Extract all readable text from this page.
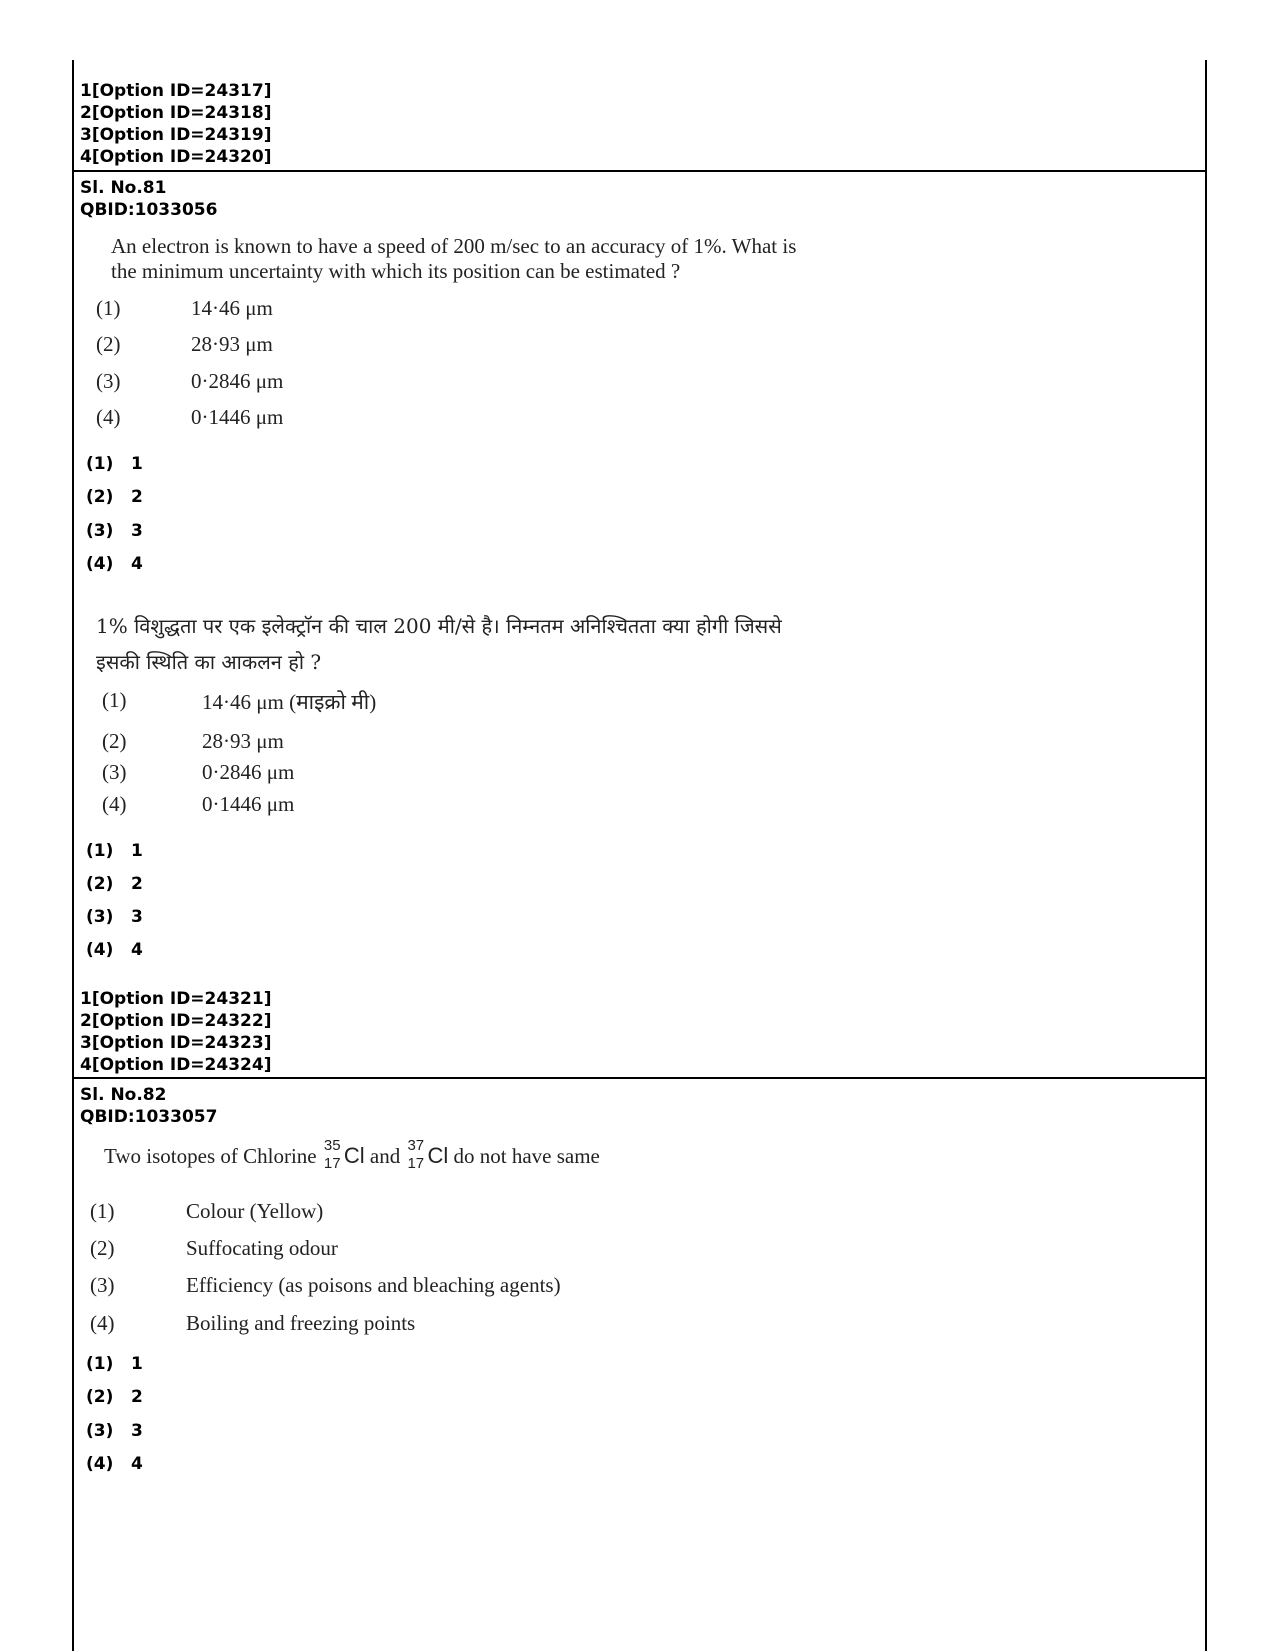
1[Option ID=24317]
2[Option ID=24318]
3[Option ID=24319]
4[Option ID=24320]
Sl. No.81
QBID:1033056
An electron is known to have a speed of 200 m/sec to an accuracy of 1%. What is
the minimum uncertainty with which its position can be estimated ?
(1)	14·46 μm
(2)	28·93 μm
(3)	0·2846 μm
(4)	0·1446 μm
(1) 1
(2) 2
(3) 3
(4) 4
1% विशुद्धता पर एक इलेक्ट्राॅन की चाल 200 मी/से है। निम्नतम अनिश्चितता क्या होगी जिससे
इसकी स्थिति का आकलन हो ?
(1)	14·46 μm (माइक्रो मी)
(2)	28·93 μm
(3)	0·2846 μm
(4)	0·1446 μm
(1) 1
(2) 2
(3) 3
(4) 4
1[Option ID=24321]
2[Option ID=24322]
3[Option ID=24323]
4[Option ID=24324]
Sl. No.82
QBID:1033057
Two isotopes of Chlorine 35
17 Cl and 37
17 Cl do not have same
(1)	Colour (Yellow)
(2)	Suffocating odour
(3)	Efficiency (as poisons and bleaching agents)
(4)	Boiling and freezing points
(1) 1
(2) 2
(3) 3
(4) 4
